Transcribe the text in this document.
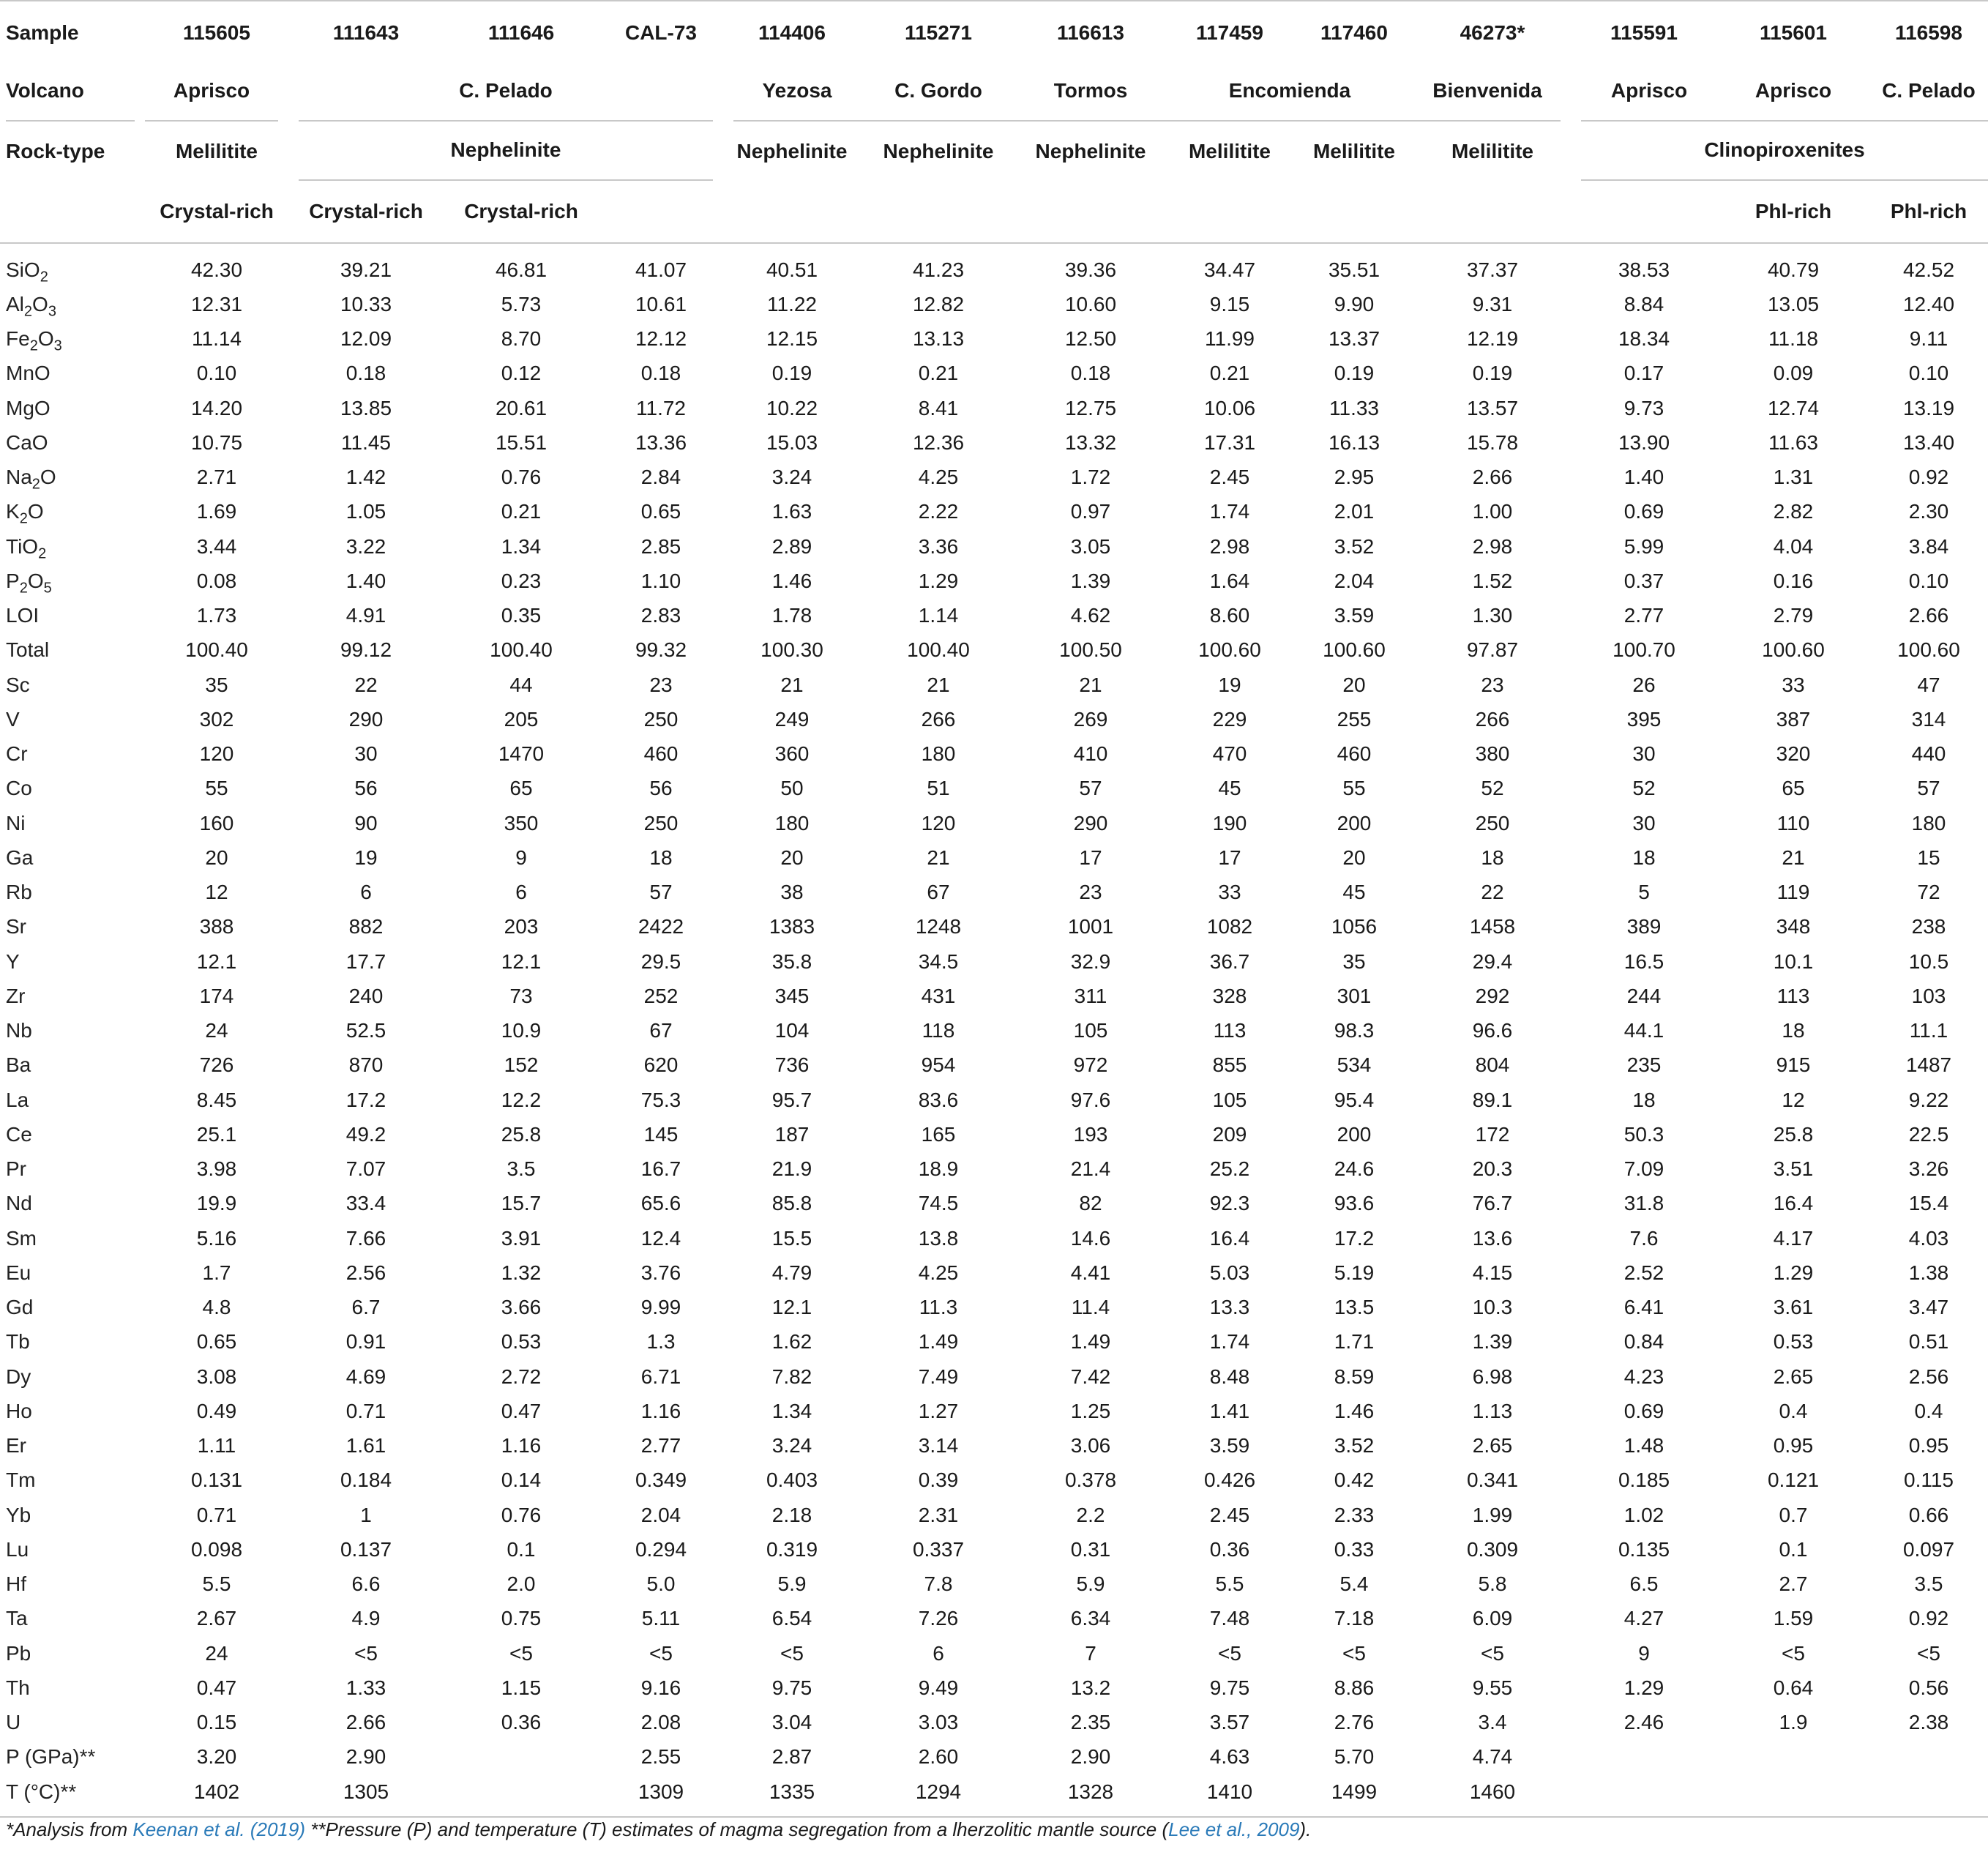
Sample	115605	111643	111646	CAL-73	114406	115271	116613	117459	117460	46273*	115591	115601	116598

Volcano	Aprisco	C. Pelado			Yezosa	C. Gordo	Tormos	Encomienda		Bienvenida	Aprisco	Aprisco	C. Pelado

Rock-type	Melilitite	Nephelinite			Nephelinite	Nephelinite	Nephelinite	Melilitite	Melilitite	Melilitite	Clinopiroxenites		

	Crystal-rich	Crystal-rich	Crystal-rich									Phl-rich	Phl-rich
SiO$_2$	42.30	39.21	46.81	41.07	40.51	41.23	39.36	34.47	35.51	37.37	38.53	40.79	42.52
$Al_2O_3$	12.31	10.33	5.73	10.61	11.22	12.82	10.60	9.15	9.90	9.31	8.84	13.05	12.40
$Fe_2O_3$	11.14	12.09	8.70	12.12	12.15	13.13	12.50	11.99	13.37	12.19	18.34	11.18	9.11
MnO	0.10	0.18	0.12	0.18	0.19	0.21	0.18	0.21	0.19	0.19	0.17	0.09	0.10
MgO	14.20	13.85	20.61	11.72	10.22	8.41	12.75	10.06	11.33	13.57	9.73	12.74	13.19
CaO	10.75	11.45	15.51	13.36	15.03	12.36	13.32	17.31	16.13	15.78	13.90	11.63	13.40
$Na_2O$	2.71	1.42	0.76	2.84	3.24	4.25	1.72	2.45	2.95	2.66	1.40	1.31	0.92
$K_2O$	1.69	1.05	0.21	0.65	1.63	2.22	0.97	1.74	2.01	1.00	0.69	2.82	2.30
TiO$_2$	3.44	3.22	1.34	2.85	2.89	3.36	3.05	2.98	3.52	2.98	5.99	4.04	3.84
$P_2O_5$	0.08	1.40	0.23	1.10	1.46	1.29	1.39	1.64	2.04	1.52	0.37	0.16	0.10
LOI	1.73	4.91	0.35	2.83	1.78	1.14	4.62	8.60	3.59	1.30	2.77	2.79	2.66
Total	100.40	99.12	100.40	99.32	100.30	100.40	100.50	100.60	100.60	97.87	100.70	100.60	100.60
Sc	35	22	44	23	21	21	21	19	20	23	26	33	47
V	302	290	205	250	249	266	269	229	255	266	395	387	314
Cr	120	30	1470	460	360	180	410	470	460	380	30	320	440
Co	55	56	65	56	50	51	57	45	55	52	52	65	57
Ni	160	90	350	250	180	120	290	190	200	250	30	110	180
Ga	20	19	9	18	20	21	17	17	20	18	18	21	15
Rb	12	6	6	57	38	67	23	33	45	22	5	119	72
Sr	388	882	203	2422	1383	1248	1001	1082	1056	1458	389	348	238
Y	12.1	17.7	12.1	29.5	35.8	34.5	32.9	36.7	35	29.4	16.5	10.1	10.5
Zr	174	240	73	252	345	431	311	328	301	292	244	113	103
Nb	24	52.5	10.9	67	104	118	105	113	98.3	96.6	44.1	18	11.1
Ba	726	870	152	620	736	954	972	855	534	804	235	915	1487
La	8.45	17.2	12.2	75.3	95.7	83.6	97.6	105	95.4	89.1	18	12	9.22
Ce	25.1	49.2	25.8	145	187	165	193	209	200	172	50.3	25.8	22.5
Pr	3.98	7.07	3.5	16.7	21.9	18.9	21.4	25.2	24.6	20.3	7.09	3.51	3.26
Nd	19.9	33.4	15.7	65.6	85.8	74.5	82	92.3	93.6	76.7	31.8	16.4	15.4
Sm	5.16	7.66	3.91	12.4	15.5	13.8	14.6	16.4	17.2	13.6	7.6	4.17	4.03
Eu	1.7	2.56	1.32	3.76	4.79	4.25	4.41	5.03	5.19	4.15	2.52	1.29	1.38
Gd	4.8	6.7	3.66	9.99	12.1	11.3	11.4	13.3	13.5	10.3	6.41	3.61	3.47
Tb	0.65	0.91	0.53	1.3	1.62	1.49	1.49	1.74	1.71	1.39	0.84	0.53	0.51
Dy	3.08	4.69	2.72	6.71	7.82	7.49	7.42	8.48	8.59	6.98	4.23	2.65	2.56
Ho	0.49	0.71	0.47	1.16	1.34	1.27	1.25	1.41	1.46	1.13	0.69	0.4	0.4
Er	1.11	1.61	1.16	2.77	3.24	3.14	3.06	3.59	3.52	2.65	1.48	0.95	0.95
Tm	0.131	0.184	0.14	0.349	0.403	0.39	0.378	0.426	0.42	0.341	0.185	0.121	0.115
Yb	0.71	1	0.76	2.04	2.18	2.31	2.2	2.45	2.33	1.99	1.02	0.7	0.66
Lu	0.098	0.137	0.1	0.294	0.319	0.337	0.31	0.36	0.33	0.309	0.135	0.1	0.097
Hf	5.5	6.6	2.0	5.0	5.9	7.8	5.9	5.5	5.4	5.8	6.5	2.7	3.5
Ta	2.67	4.9	0.75	5.11	6.54	7.26	6.34	7.48	7.18	6.09	4.27	1.59	0.92
Pb	24	<5	<5	<5	<5	6	7	<5	<5	<5	9	<5	<5
Th	0.47	1.33	1.15	9.16	9.75	9.49	13.2	9.75	8.86	9.55	1.29	0.64	0.56
U	0.15	2.66	0.36	2.08	3.04	3.03	2.35	3.57	2.76	3.4	2.46	1.9	2.38
P (GPa)**	3.20	2.90		2.55	2.87	2.60	2.90	4.63	5.70	4.74			
T (°C)**	1402	1305		1309	1335	1294	1328	1410	1499	1460			
*Analysis from Keenan et al. (2019) **Pressure (P) and temperature (T) estimates of magma segregation from a lherzolitic mantle source (Lee et al., 2009).
